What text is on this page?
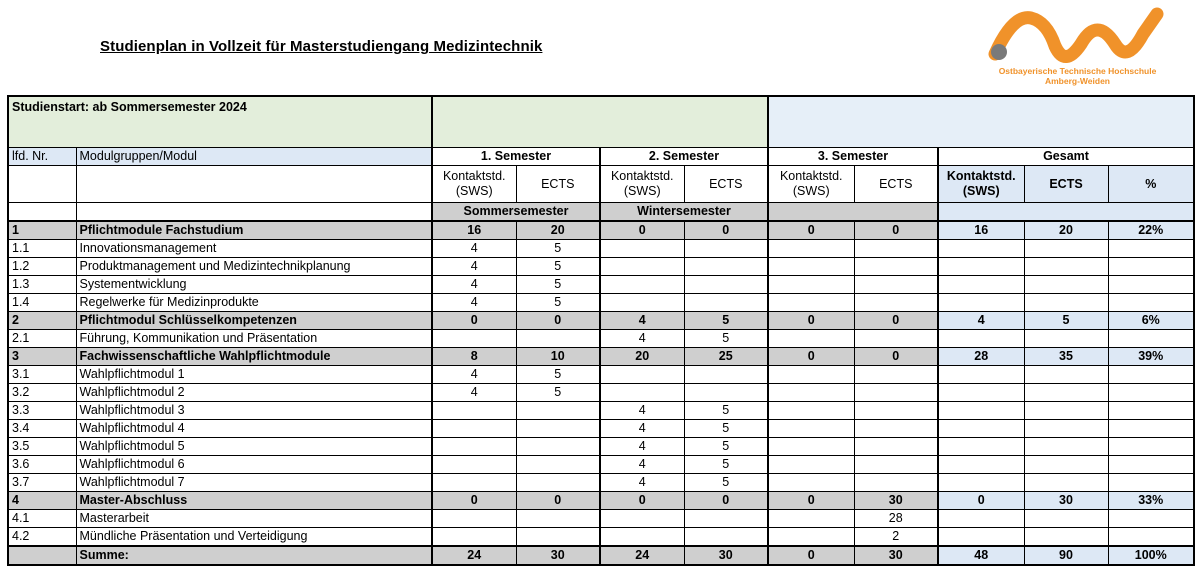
Studienplan in Vollzeit für Masterstudiengang Medizintechnik
Ostbayerische Technische Hochschule
Amberg-Weiden
Studienstart: ab Sommersemester 2024										
lfd. Nr.	Modulgruppen/Modul	1. Semester		2. Semester		3. Semester		Gesamt		
		Kontaktstd. (SWS)	ECTS	Kontaktstd. (SWS)	ECTS	Kontaktstd. (SWS)	ECTS	Kontaktstd. (SWS)	ECTS	%
		Sommersemester		Wintersemester						
1	Pflichtmodule Fachstudium	16	20	0	0	0	0	16	20	22%
1.1	Innovationsmanagement	4	5							
1.2	Produktmanagement und Medizintechnikplanung	4	5							
1.3	Systementwicklung	4	5							
1.4	Regelwerke für Medizinprodukte	4	5							
2	Pflichtmodul Schlüsselkompetenzen	0	0	4	5	0	0	4	5	6%
2.1	Führung, Kommunikation und Präsentation			4	5					
3	Fachwissenschaftliche Wahlpflichtmodule	8	10	20	25	0	0	28	35	39%
3.1	Wahlpflichtmodul 1	4	5							
3.2	Wahlpflichtmodul 2	4	5							
3.3	Wahlpflichtmodul 3			4	5					
3.4	Wahlpflichtmodul 4			4	5					
3.5	Wahlpflichtmodul 5			4	5					
3.6	Wahlpflichtmodul 6			4	5					
3.7	Wahlpflichtmodul 7			4	5					
4	Master-Abschluss	0	0	0	0	0	30	0	30	33%
4.1	Masterarbeit						28			
4.2	Mündliche Präsentation und Verteidigung						2			
	Summe:	24	30	24	30	0	30	48	90	100%
